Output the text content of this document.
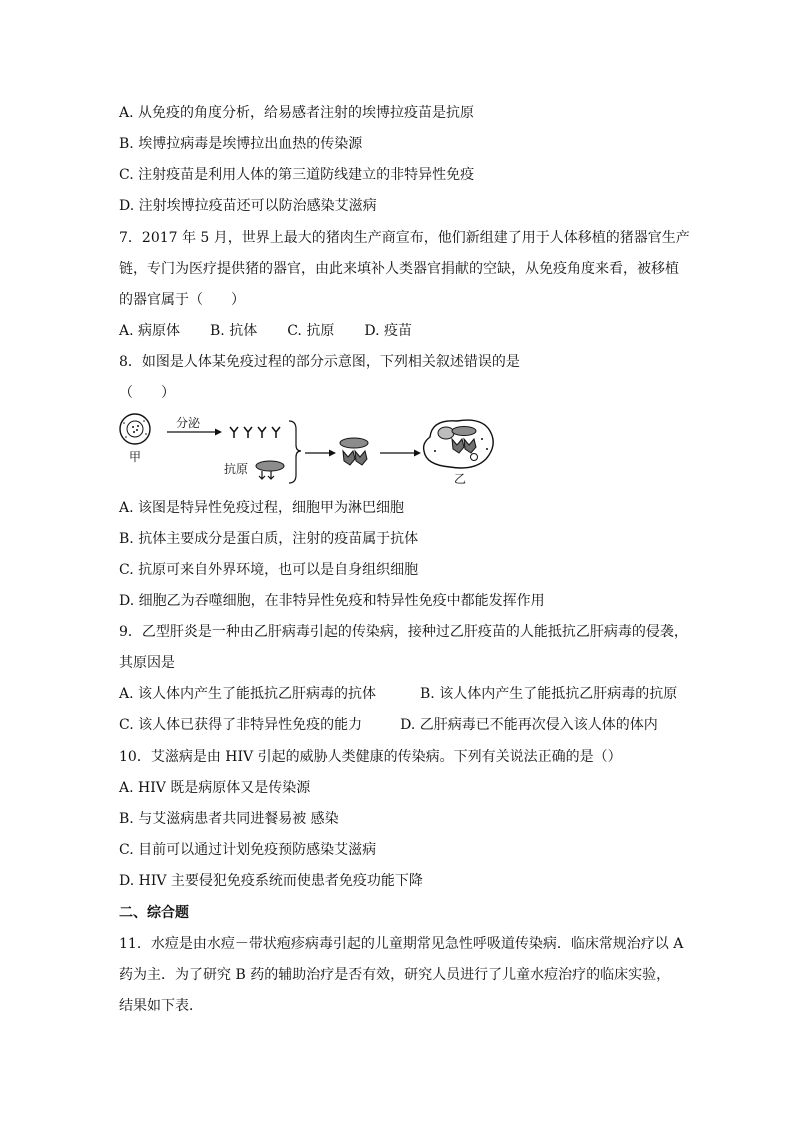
A. 从免疫的角度分析，给易感者注射的埃博拉疫苗是抗原
B. 埃博拉病毒是埃博拉出血热的传染源
C. 注射疫苗是利用人体的第三道防线建立的非特异性免疫
D. 注射埃博拉疫苗还可以防治感染艾滋病
7．2017 年 5 月，世界上最大的猪肉生产商宣布，他们新组建了用于人体移植的猪器官生产
链，专门为医疗提供猪的器官，由此来填补人类器官捐献的空缺，从免疫角度来看，被移植
的器官属于（　　）
A. 病原体 B. 抗体 C. 抗原 D. 疫苗
8．如图是人体某免疫过程的部分示意图，下列相关叙述错误的是
（　　）
甲
分泌
抗原
乙
A. 该图是特异性免疫过程，细胞甲为淋巴细胞
B. 抗体主要成分是蛋白质，注射的疫苗属于抗体
C. 抗原可来自外界环境，也可以是自身组织细胞
D. 细胞乙为吞噬细胞，在非特异性免疫和特异性免疫中都能发挥作用
9．乙型肝炎是一种由乙肝病毒引起的传染病，接种过乙肝疫苗的人能抵抗乙肝病毒的侵袭，
其原因是
A. 该人体内产生了能抵抗乙肝病毒的抗体	B. 该人体内产生了能抵抗乙肝病毒的抗原
C. 该人体已获得了非特异性免疫的能力	D. 乙肝病毒已不能再次侵入该人体的体内
10．艾滋病是由 HIV 引起的威胁人类健康的传染病。下列有关说法正确的是（）
A. HIV 既是病原体又是传染源
B. 与艾滋病患者共同进餐易被 感染
C. 目前可以通过计划免疫预防感染艾滋病
D. HIV 主要侵犯免疫系统而使患者免疫功能下降
二、综合题
11．水痘是由水痘－带状疱疹病毒引起的儿童期常见急性呼吸道传染病．临床常规治疗以 A
药为主．为了研究 B 药的辅助治疗是否有效，研究人员进行了儿童水痘治疗的临床实验，
结果如下表．
